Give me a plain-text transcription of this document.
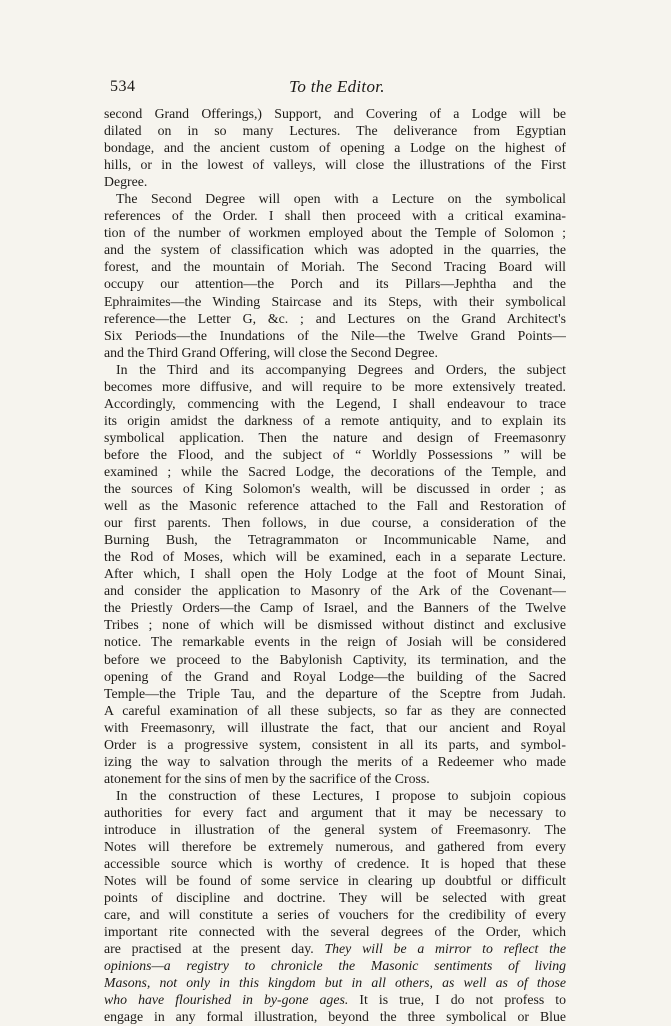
534	To the Editor.
second Grand Offerings,) Support, and Covering of a Lodge will be
dilated on in so many Lectures. The deliverance from Egyptian
bondage, and the ancient custom of opening a Lodge on the highest of
hills, or in the lowest of valleys, will close the illustrations of the First
Degree.
The Second Degree will open with a Lecture on the symbolical
references of the Order. I shall then proceed with a critical examina-
tion of the number of workmen employed about the Temple of Solomon ;
and the system of classification which was adopted in the quarries, the
forest, and the mountain of Moriah. The Second Tracing Board will
occupy our attention—the Porch and its Pillars—Jephtha and the
Ephraimites—the Winding Staircase and its Steps, with their symbolical
reference—the Letter G, &c. ; and Lectures on the Grand Architect's
Six Periods—the Inundations of the Nile—the Twelve Grand Points—
and the Third Grand Offering, will close the Second Degree.
In the Third and its accompanying Degrees and Orders, the subject
becomes more diffusive, and will require to be more extensively treated.
Accordingly, commencing with the Legend, I shall endeavour to trace
its origin amidst the darkness of a remote antiquity, and to explain its
symbolical application. Then the nature and design of Freemasonry
before the Flood, and the subject of “ Worldly Possessions ” will be
examined ; while the Sacred Lodge, the decorations of the Temple, and
the sources of King Solomon's wealth, will be discussed in order ; as
well as the Masonic reference attached to the Fall and Restoration of
our first parents. Then follows, in due course, a consideration of the
Burning Bush, the Tetragrammaton or Incommunicable Name, and
the Rod of Moses, which will be examined, each in a separate Lecture.
After which, I shall open the Holy Lodge at the foot of Mount Sinai,
and consider the application to Masonry of the Ark of the Covenant—
the Priestly Orders—the Camp of Israel, and the Banners of the Twelve
Tribes ; none of which will be dismissed without distinct and exclusive
notice. The remarkable events in the reign of Josiah will be considered
before we proceed to the Babylonish Captivity, its termination, and the
opening of the Grand and Royal Lodge—the building of the Sacred
Temple—the Triple Tau, and the departure of the Sceptre from Judah.
A careful examination of all these subjects, so far as they are connected
with Freemasonry, will illustrate the fact, that our ancient and Royal
Order is a progressive system, consistent in all its parts, and symbol-
izing the way to salvation through the merits of a Redeemer who made
atonement for the sins of men by the sacrifice of the Cross.
In the construction of these Lectures, I propose to subjoin copious
authorities for every fact and argument that it may be necessary to
introduce in illustration of the general system of Freemasonry. The
Notes will therefore be extremely numerous, and gathered from every
accessible source which is worthy of credence. It is hoped that these
Notes will be found of some service in clearing up doubtful or difficult
points of discipline and doctrine. They will be selected with great
care, and will constitute a series of vouchers for the credibility of every
important rite connected with the several degrees of the Order, which
are practised at the present day. They will be a mirror to reflect the
opinions—a registry to chronicle the Masonic sentiments of living
Masons, not only in this kingdom but in all others, as well as of those
who have flourished in by-gone ages. It is true, I do not profess to
engage in any formal illustration, beyond the three symbolical or Blue
